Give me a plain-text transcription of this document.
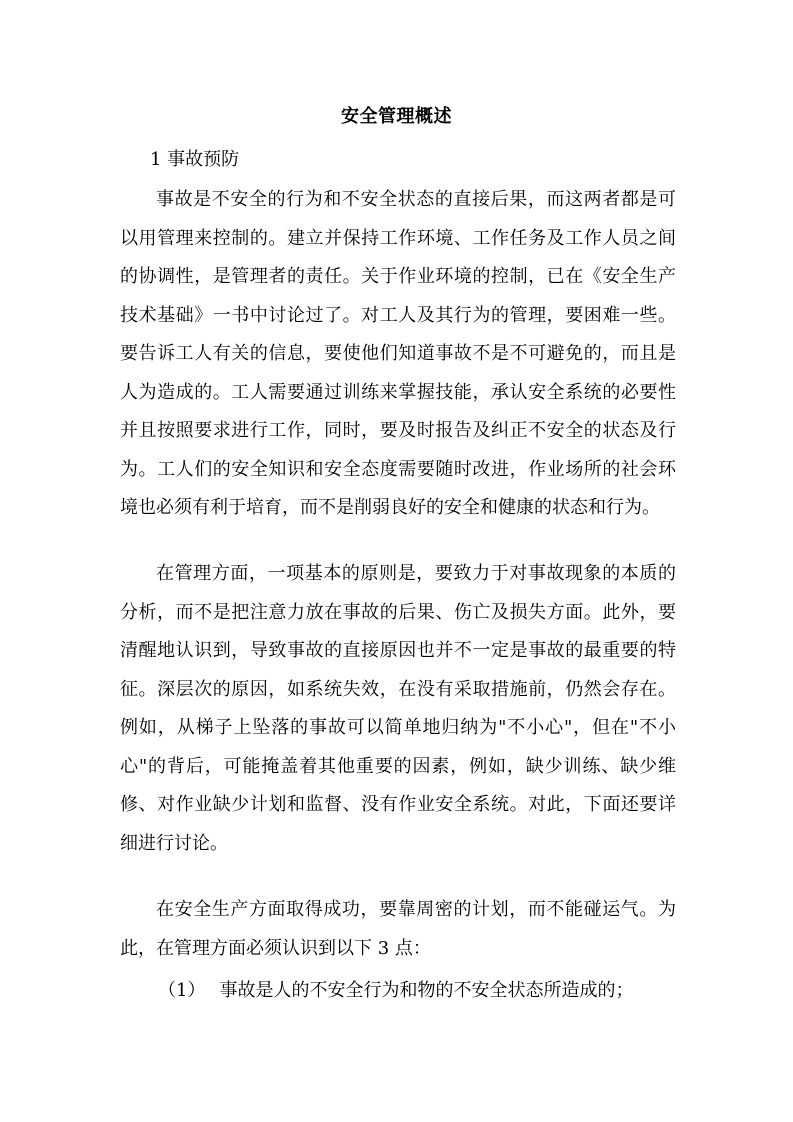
安全管理概述
1 事故预防

事故是不安全的行为和不安全状态的直接后果，而这两者都是可以用管理来控制的。建立并保持工作环境、工作任务及工作人员之间的协调性，是管理者的责任。关于作业环境的控制，已在《安全生产技术基础》一书中讨论过了。对工人及其行为的管理，要困难一些。要告诉工人有关的信息，要使他们知道事故不是不可避免的，而且是人为造成的。工人需要通过训练来掌握技能，承认安全系统的必要性并且按照要求进行工作，同时，要及时报告及纠正不安全的状态及行为。工人们的安全知识和安全态度需要随时改进，作业场所的社会环境也必须有利于培育，而不是削弱良好的安全和健康的状态和行为。

在管理方面，一项基本的原则是，要致力于对事故现象的本质的分析，而不是把注意力放在事故的后果、伤亡及损失方面。此外，要清醒地认识到，导致事故的直接原因也并不一定是事故的最重要的特征。深层次的原因，如系统失效，在没有采取措施前，仍然会存在。例如，从梯子上坠落的事故可以简单地归纳为"不小心"，但在"不小心"的背后，可能掩盖着其他重要的因素，例如，缺少训练、缺少维修、对作业缺少计划和监督、没有作业安全系统。对此，下面还要详细进行讨论。

在安全生产方面取得成功，要靠周密的计划，而不能碰运气。为此，在管理方面必须认识到以下 3 点：

（1） 事故是人的不安全行为和物的不安全状态所造成的；
